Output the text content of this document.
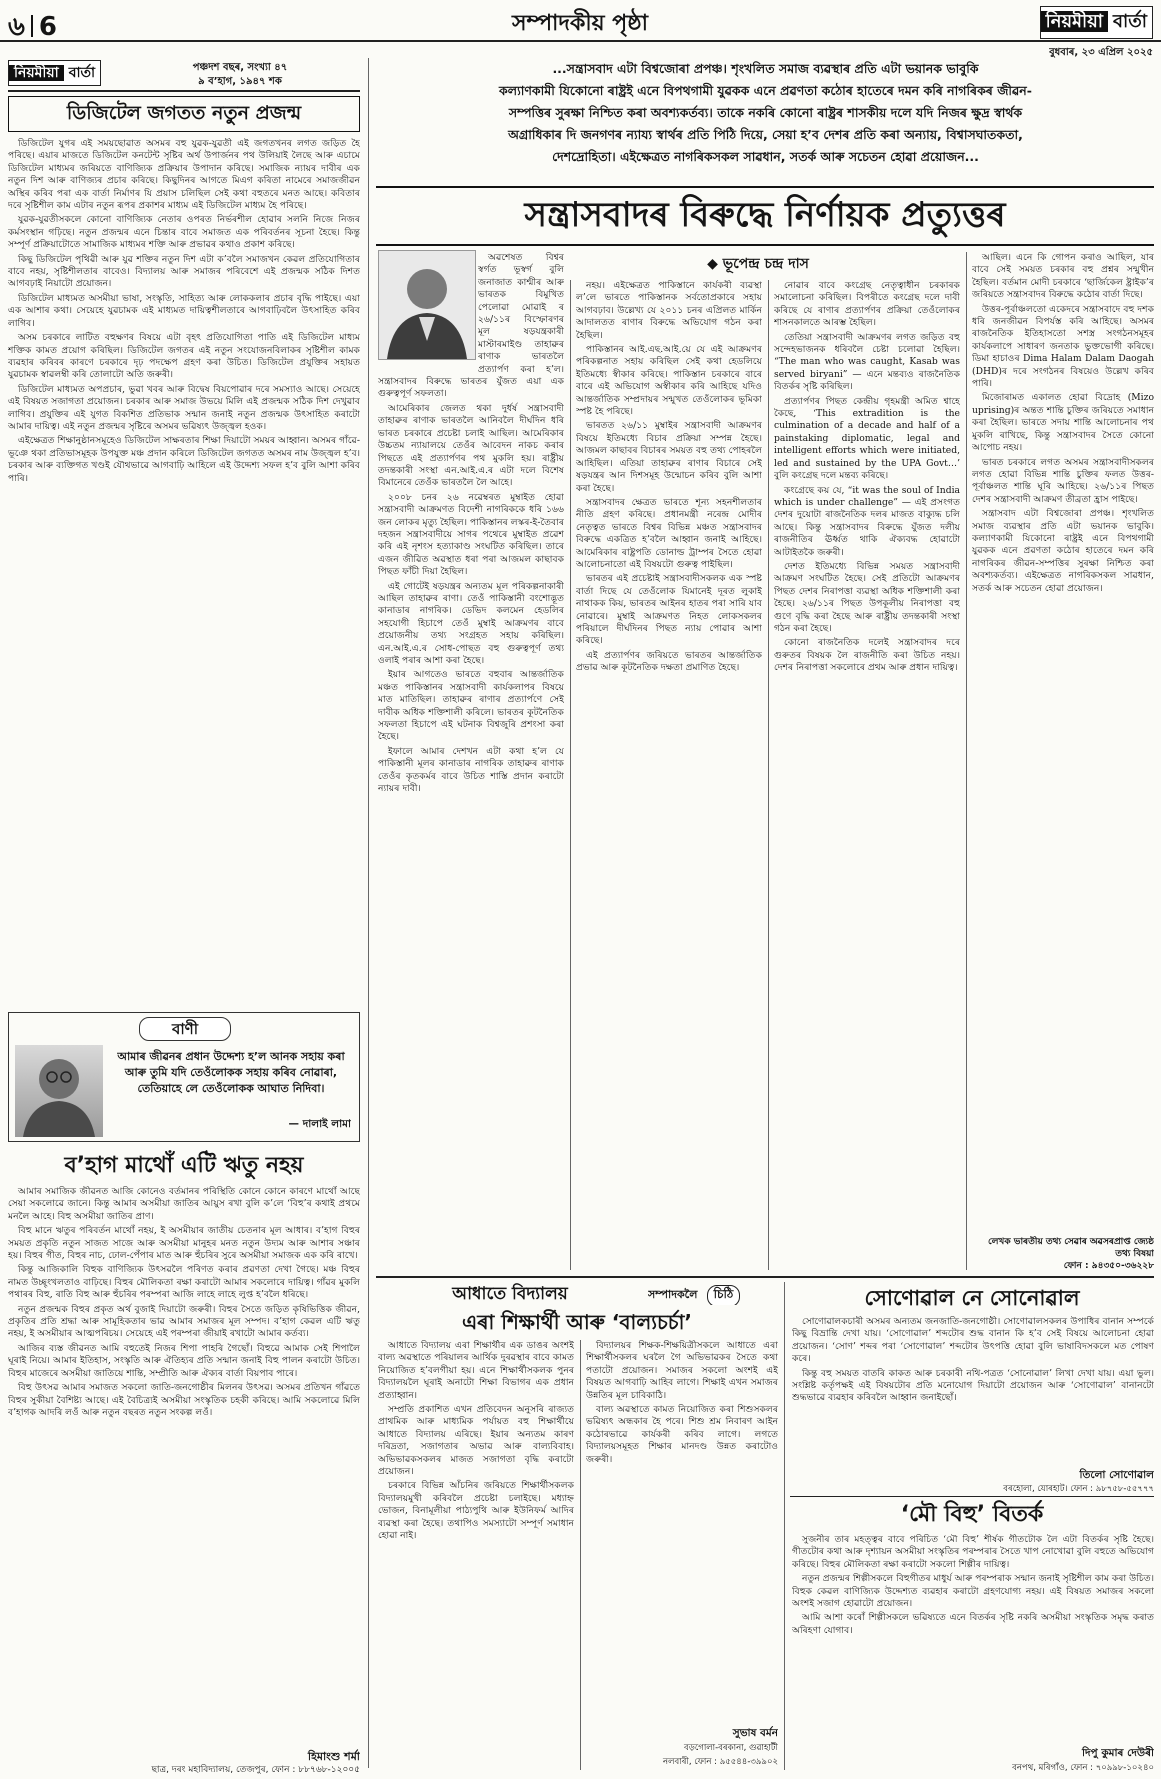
৬ 6	সম্পাদকীয় পৃষ্ঠা	নিয়মীয়া বাৰ্তা
বুধবাৰ, ২৩ এপ্ৰিল ২০২৫
নিয়মীয়া বাৰ্তা	পঞ্চদশ বছৰ, সংখ্যা ৪৭
৯ ব’হাগ, ১৯৪৭ শক
...সন্ত্ৰাসবাদ এটা বিশ্বজোৰা প্ৰপঞ্চ। শৃংখলিত সমাজ ব্যৱস্থাৰ প্ৰতি এটা ভয়ানক ভাবুকি
কল্যাণকামী যিকোনো ৰাষ্ট্ৰই এনে বিপথগামী যুৱকক এনে প্ৰৱণতা কঠোৰ হাতেৰে দমন কৰি নাগৰিকৰ জীৱন-
সম্পত্তিৰ সুৰক্ষা নিশ্চিত কৰা অবশ্যকৰ্তব্য। তাকে নকৰি কোনো ৰাষ্ট্ৰৰ শাসকীয় দলে যদি নিজৰ ক্ষুদ্ৰ স্বাৰ্থক
অগ্ৰাধিকাৰ দি জনগণৰ ন্যায্য স্বাৰ্থৰ প্ৰতি পিঠি দিয়ে, সেয়া হ’ব দেশৰ প্ৰতি কৰা অন্যায়, বিশ্বাসঘাতকতা,
দেশদ্ৰোহিতা। এইক্ষেত্ৰত নাগৰিকসকল সাৱধান, সতৰ্ক আৰু সচেতন হোৱা প্ৰয়োজন...
ডিজিটেল জগতত নতুন প্ৰজন্ম

ডিজিটেল যুগৰ এই সময়ছোৱাত অসমৰ বহু যুৱক-যুৱতী এই জগতখনৰ লগত জড়িত হৈ পৰিছে। এয়াৰ মাজতে ডিজিটেল কনটেন্ট সৃষ্টিৰ অৰ্থ উপাৰ্জনৰ পথ উলিয়াই লৈছে আৰু এচামে ডিজিটেল মাধ্যমৰ জৰিয়তে বাণিজ্যিক প্ৰক্ৰিয়াৰ উপাদান কৰিছে। সমাজিক ন্যায়ৰ দাবীৰ এক নতুন দিশ আৰু বাণিজ্যৰ প্ৰচাৰ কৰিছে। কিছুদিনৰ আগতে মিএগ কৰিতা নামেৰে সমাজজীৱন অস্থিৰ কৰিব পৰা এক বাৰ্তা নিৰ্মাণৰ যি প্ৰয়াস চলিছিল সেই কথা বহুতৰে মনত আছে। কবিতাৰ দৰে সৃষ্টিশীল কাম এটাৰ নতুন ৰূপৰ প্ৰকাশৰ মাধ্যম এই ডিজিটেল মাধ্যম হৈ পৰিছে।

যুৱক-যুৱতীসকলে কোনো বাণিজ্যিক নেতাৰ ওপৰত নিৰ্ভৰশীল হোৱাৰ সলনি নিজে নিজৰ কৰ্মসংস্থান গঢ়িছে। নতুন প্ৰজন্মৰ এনে চিন্তাৰ বাবে সমাজত এক পৰিবৰ্তনৰ সূচনা হৈছে। কিন্তু সম্পূৰ্ণ প্ৰক্ৰিয়াটোতে সামাজিক মাধ্যমৰ শক্তি আৰু প্ৰভাৱৰ কথাও প্ৰকাশ কৰিছে।

কিছু ডিজিটেল পৃথিৱী আৰু যুৱ শক্তিৰ নতুন দিশ এটা ক’বলৈ সমাজখন কেৱল প্ৰতিযোগিতাৰ বাবে নহয়, সৃষ্টিশীলতাৰ বাবেও। বিদ্যালয় আৰু সমাজৰ পৰিবেশে এই প্ৰজন্মক সঠিক দিশত আগবঢ়াই নিয়াটো প্ৰয়োজন।

ডিজিটেল মাধ্যমত অসমীয়া ভাষা, সংস্কৃতি, সাহিত্য আৰু লোককলাৰ প্ৰচাৰ বৃদ্ধি পাইছে। এয়া এক আশাৰ কথা। সেয়েহে যুৱচামক এই মাধ্যমত দায়িত্বশীলতাৰে আগবাঢ়িবলৈ উৎসাহিত কৰিব লাগিব।

অসম চৰকাৰে লাটিত বহুক্ষণৰ বিষয়ে এটা বৃহৎ প্ৰতিযোগিতা পাতি এই ডিজিটেল মাধ্যম শক্তিক কামত প্ৰয়োগ কৰিছিল। ডিজিটেল জগতৰ এই নতুন সংযোজনবিলাকৰ সৃষ্টিশীল কামক ব্যৱহাৰ কৰিবৰ কাৰণে চৰকাৰে দৃঢ় পদক্ষেপ গ্ৰহণ কৰা উচিত। ডিজিটেল প্ৰযুক্তিৰ সহায়ত যুৱচামক স্বাৱলম্বী কৰি তোলাটো অতি জৰুৰী।

ডিজিটেল মাধ্যমত অপপ্ৰচাৰ, ভুৱা খবৰ আৰু বিদ্বেষ বিয়পোৱাৰ দৰে সমস্যাও আছে। সেয়েহে এই বিষয়ত সজাগতা প্ৰয়োজন। চৰকাৰ আৰু সমাজ উভয়ে মিলি এই প্ৰজন্মক সঠিক দিশ দেখুৱাব লাগিব। প্ৰযুক্তিৰ এই যুগত বিকশিত প্ৰতিভাক সন্মান জনাই নতুন প্ৰজন্মক উৎসাহিত কৰাটো আমাৰ দায়িত্ব। এই নতুন প্ৰজন্মৰ সৃষ্টিৰে অসমৰ ভৱিষ্যৎ উজ্জ্বল হওক।

এইক্ষেত্ৰত শিক্ষানুষ্ঠানসমূহেও ডিজিটেল সাক্ষৰতাৰ শিক্ষা দিয়াটো সময়ৰ আহ্বান। অসমৰ গাঁৱে-ভূঞে থকা প্ৰতিভাসমূহক উপযুক্ত মঞ্চ প্ৰদান কৰিলে ডিজিটেল জগতত অসমৰ নাম উজ্জ্বল হ’ব। চৰকাৰ আৰু ব্যক্তিগত খণ্ডই যৌথভাৱে আগবাঢ়ি আহিলে এই উদ্দেশ্য সফল হ’ব বুলি আশা কৰিব পাৰি।

বাণী
আমাৰ জীৱনৰ প্ৰধান উদ্দেশ্য হ’ল আনক সহায় কৰা আৰু তুমি যদি তেওঁলোকক সহায় কৰিব নোৱাৰা, তেতিয়াহে লে তেওঁলোকক আঘাত নিদিবা।
— দালাই লামা
ব’হাগ মাথোঁ এটি ঋতু নহয়

আমাৰ সমাজিক জীৱনত আজি কোনেও বৰ্তমানৰ পৰিস্থিতি কোনে কোনে কাৰণে মাথোঁ আছে সেয়া সকলোৱে জানে। কিন্তু আমাৰ অসমীয়া জাতিৰ আয়ুস ৰখা বুলি ক’লে ‘বিহু’ৰ কথাই প্ৰথমে মনলৈ আহে। বিহু অসমীয়া জাতিৰ প্ৰাণ।

বিহু মানে ঋতুৰ পৰিবৰ্তন মাথোঁ নহয়, ই অসমীয়াৰ জাতীয় চেতনাৰ মূল আধাৰ। ব’হাগ বিহুৰ সময়ত প্ৰকৃতি নতুন সাজত সাজে আৰু অসমীয়া মানুহৰ মনত নতুন উদ্যম আৰু আশাৰ সঞ্চাৰ হয়। বিহুৰ গীত, বিহুৰ নাচ, ঢোল-পেঁপাৰ মাত আৰু হুঁচৰিৰ সুৰে অসমীয়া সমাজক এক কৰি ৰাখে।

কিন্তু আজিকালি বিহুক বাণিজ্যিক উৎসৱলৈ পৰিণত কৰাৰ প্ৰৱণতা দেখা গৈছে। মঞ্চ বিহুৰ নামত উচ্ছৃংখলতাও বাঢ়িছে। বিহুৰ মৌলিকতা ৰক্ষা কৰাটো আমাৰ সকলোৰে দায়িত্ব। গাঁৱৰ মুকলি পথাৰৰ বিহু, ৰাতি বিহু আৰু হুঁচৰিৰ পৰম্পৰা আজি লাহে লাহে লুপ্ত হ’বলৈ ধৰিছে।

নতুন প্ৰজন্মক বিহুৰ প্ৰকৃত অৰ্থ বুজাই দিয়াটো জৰুৰী। বিহুৰ সৈতে জড়িত কৃষিভিত্তিক জীৱন, প্ৰকৃতিৰ প্ৰতি শ্ৰদ্ধা আৰু সামূহিকতাৰ ভাৱ আমাৰ সমাজৰ মূল সম্পদ। ব’হাগ কেৱল এটি ঋতু নহয়, ই অসমীয়াৰ আত্মপৰিচয়। সেয়েহে এই পৰম্পৰা জীয়াই ৰখাটো আমাৰ কৰ্তব্য।

আজিৰ ব্যস্ত জীৱনত আমি বহুতেই নিজৰ শিপা পাহৰি গৈছোঁ। বিহুৱে আমাক সেই শিপালৈ ঘূৰাই নিয়ে। আমাৰ ইতিহাস, সংস্কৃতি আৰু ঐতিহ্যৰ প্ৰতি সন্মান জনাই বিহু পালন কৰাটো উচিত। বিহুৰ মাজেৰে অসমীয়া জাতিয়ে শান্তি, সম্প্ৰীতি আৰু ঐক্যৰ বাৰ্তা বিয়পাব পাৰে।

বিহু উৎসৱ আমাৰ সমাজত সকলো জাতি-জনগোষ্ঠীৰ মিলনৰ উৎসৱ। অসমৰ প্ৰতিখন গাঁৱতে বিহুৰ সুকীয়া বৈশিষ্ট্য আছে। এই বৈচিত্ৰ্যই অসমীয়া সংস্কৃতিক চহকী কৰিছে। আমি সকলোৱে মিলি ব’হাগক আদৰি লওঁ আৰু নতুন বছৰত নতুন সংকল্প লওঁ।

হিমাংশু শৰ্মা
ছাত্ৰ, দৰং মহাবিদ্যালয়, তেজপুৰ, ফোন : ৮৮৭৬৮-১২০০৫
সন্ত্ৰাসবাদৰ বিৰুদ্ধে নিৰ্ণায়ক প্ৰত্যুত্তৰ
◆ ভূপেন্দ্ৰ চন্দ্ৰ দাস

অৱশেষত বিশ্বৰ স্বৰ্গত ভূস্বৰ্গ বুলি জনাজাত কাশ্মীৰ আৰু ভাৰতক বিমুখিত পেলোৱা মোৱাই ৰ ২৬/১১ৰ বিস্ফোৰণৰ মূল ষড়যন্ত্ৰকাৰী মাস্টাৰমাইণ্ড তাহাৱুৰ ৰাণাক ভাৰতলৈ প্ৰত্যাৰ্পণ কৰা হ’ল। সন্ত্ৰাসবাদৰ বিৰুদ্ধে ভাৰতৰ যুঁজত এয়া এক গুৰুত্বপূৰ্ণ সফলতা।

আমেৰিকাৰ জেলত থকা দুৰ্ধৰ্ষ সন্ত্ৰাসবাদী তাহাৱুৰ ৰাণাক ভাৰতলৈ আনিবলৈ দীৰ্ঘদিন ধৰি ভাৰত চৰকাৰে প্ৰচেষ্টা চলাই আছিল। আমেৰিকাৰ উচ্চতম ন্যায়ালয়ে তেওঁৰ আবেদন নাকচ কৰাৰ পিছতে এই প্ৰত্যাৰ্পণৰ পথ মুকলি হয়। ৰাষ্ট্ৰীয় তদন্তকাৰী সংস্থা এন.আই.এ.ৰ এটা দলে বিশেষ বিমানেৰে তেওঁক ভাৰতলৈ লৈ আহে।

২০০৮ চনৰ ২৬ নৱেম্বৰত মুম্বাইত হোৱা সন্ত্ৰাসবাদী আক্ৰমণত বিদেশী নাগৰিককে ধৰি ১৬৬ জন লোকৰ মৃত্যু হৈছিল। পাকিস্তানৰ লস্কৰ-ই-তৈবাৰ দহজন সন্ত্ৰাসবাদীয়ে সাগৰ পথেৰে মুম্বাইত প্ৰৱেশ কৰি এই নৃশংস হত্যাকাণ্ড সংঘটিত কৰিছিল। তাৰে এজন জীৱিত অৱস্থাত ধৰা পৰা আজমল কাছাবক পিছত ফাঁচী দিয়া হৈছিল।

এই গোটেই ষড়যন্ত্ৰৰ অন্যতম মূল পৰিকল্পনাকাৰী আছিল তাহাৱুৰ ৰাণা। তেওঁ পাকিস্তানী বংশোদ্ভূত কানাডাৰ নাগৰিক। ডেভিদ কলমেন হেডলিৰ সহযোগী হিচাপে তেওঁ মুম্বাই আক্ৰমণৰ বাবে প্ৰয়োজনীয় তথ্য সংগ্ৰহত সহায় কৰিছিল। এন.আই.এ.ৰ সোধ-পোছত বহু গুৰুত্বপূৰ্ণ তথ্য ওলাই পৰাৰ আশা কৰা হৈছে।

ইয়াৰ আগতেও ভাৰতে বহুবাৰ আন্তৰ্জাতিক মঞ্চত পাকিস্তানৰ সন্ত্ৰাসবাদী কাৰ্যকলাপৰ বিষয়ে মাত মাতিছিল। তাহাৱুৰ ৰাণাৰ প্ৰত্যাৰ্পণে সেই দাবীক অধিক শক্তিশালী কৰিলে। ভাৰতৰ কূটনৈতিক সফলতা হিচাপে এই ঘটনাক বিশ্বজুৰি প্ৰশংসা কৰা হৈছে।

ইফালে আমাৰ দেশখন এটা কথা হ’ল যে পাকিস্তানী মূলৰ কানাডাৰ নাগৰিক তাহাৱুৰ ৰাণাক তেওঁৰ কৃতকৰ্মৰ বাবে উচিত শাস্তি প্ৰদান কৰাটো ন্যায়ৰ দাবী।

নহয়। এইক্ষেত্ৰত পাকিস্তানে কাৰ্যকৰী ব্যৱস্থা ল’লে ভাৰতে পাকিস্তানক সৰ্বতোপ্ৰকাৰে সহায় আগবঢ়াব। উল্লেখ্য যে ২০১১ চনৰ এপ্ৰিলত মাৰ্কিন আদালতত ৰাণাৰ বিৰুদ্ধে অভিযোগ গঠন কৰা হৈছিল।

পাকিস্তানৰ আই.এছ.আই.য়ে যে এই আক্ৰমণৰ পৰিকল্পনাত সহায় কৰিছিল সেই কথা হেডলিয়ে ইতিমধ্যে স্বীকাৰ কৰিছে। পাকিস্তান চৰকাৰে বাৰে বাৰে এই অভিযোগ অস্বীকাৰ কৰি আহিছে যদিও আন্তৰ্জাতিক সম্প্ৰদায়ৰ সন্মুখত তেওঁলোকৰ ভূমিকা স্পষ্ট হৈ পৰিছে।

ভাৰতত ২৬/১১ মুম্বাইৰ সন্ত্ৰাসবাদী আক্ৰমণৰ বিষয়ে ইতিমধ্যে বিচাৰ প্ৰক্ৰিয়া সম্পন্ন হৈছে। আজমল কাছাবৰ বিচাৰৰ সময়ত বহু তথ্য পোহৰলৈ আহিছিল। এতিয়া তাহাৱুৰ ৰাণাৰ বিচাৰে সেই ষড়যন্ত্ৰৰ আন দিশসমূহ উন্মোচন কৰিব বুলি আশা কৰা হৈছে।

সন্ত্ৰাসবাদৰ ক্ষেত্ৰত ভাৰতে শূন্য সহনশীলতাৰ নীতি গ্ৰহণ কৰিছে। প্ৰধানমন্ত্ৰী নৰেন্দ্ৰ মোদীৰ নেতৃত্বত ভাৰতে বিশ্বৰ বিভিন্ন মঞ্চত সন্ত্ৰাসবাদৰ বিৰুদ্ধে একত্ৰিত হ’বলৈ আহ্বান জনাই আহিছে। আমেৰিকাৰ ৰাষ্ট্ৰপতি ডোনাল্ড ট্ৰাম্পৰ সৈতে হোৱা আলোচনাতো এই বিষয়টো গুৰুত্ব পাইছিল।

ভাৰতৰ এই প্ৰচেষ্টাই সন্ত্ৰাসবাদীসকলক এক স্পষ্ট বাৰ্তা দিছে যে তেওঁলোক যিমানেই দূৰত লুকাই নাথাকক কিয়, ভাৰতৰ আইনৰ হাতৰ পৰা সাৰি যাব নোৱাৰে। মুম্বাই আক্ৰমণত নিহত লোকসকলৰ পৰিয়ালে দীৰ্ঘদিনৰ পিছত ন্যায় পোৱাৰ আশা কৰিছে।

এই প্ৰত্যাৰ্পণৰ জৰিয়তে ভাৰতৰ আন্তৰ্জাতিক প্ৰভাৱ আৰু কূটনৈতিক দক্ষতা প্ৰমাণিত হৈছে।

নোৱাৰ বাবে কংগ্ৰেছ নেতৃত্বাধীন চৰকাৰক সমালোচনা কৰিছিল। বিপৰীতে কংগ্ৰেছ দলে দাবী কৰিছে যে ৰাণাৰ প্ৰত্যাৰ্পণৰ প্ৰক্ৰিয়া তেওঁলোকৰ শাসনকালতে আৰম্ভ হৈছিল।

তেতিয়া সন্ত্ৰাসবাদী আক্ৰমণৰ লগত জড়িত বহু সন্দেহভাজনক ধৰিবলৈ চেষ্টা চলোৱা হৈছিল। “The man who was caught, Kasab was served biryani” — এনে মন্তব্যও ৰাজনৈতিক বিতৰ্কৰ সৃষ্টি কৰিছিল।

প্ৰত্যাৰ্পণৰ পিছত কেন্দ্ৰীয় গৃহমন্ত্ৰী অমিত শ্বাহে কৈছে, ‘This extradition is the culmination of a decade and half of a painstaking diplomatic, legal and intelligent efforts which were initiated, led and sustained by the UPA Govt…’ বুলি কংগ্ৰেছ দলে মন্তব্য কৰিছে।

কংগ্ৰেছে কয় যে, “it was the soul of India which is under challenge” — এই প্ৰসংগত দেশৰ দুয়োটা ৰাজনৈতিক দলৰ মাজত বাক্যুদ্ধ চলি আছে। কিন্তু সন্ত্ৰাসবাদৰ বিৰুদ্ধে যুঁজত দলীয় ৰাজনীতিৰ ঊৰ্ধ্বত থাকি ঐক্যবদ্ধ হোৱাটো আটাইতকৈ জৰুৰী।

দেশত ইতিমধ্যে বিভিন্ন সময়ত সন্ত্ৰাসবাদী আক্ৰমণ সংঘটিত হৈছে। সেই প্ৰতিটো আক্ৰমণৰ পিছত দেশৰ নিৰাপত্তা ব্যৱস্থা অধিক শক্তিশালী কৰা হৈছে। ২৬/১১ৰ পিছত উপকূলীয় নিৰাপত্তা বহু গুণে বৃদ্ধি কৰা হৈছে আৰু ৰাষ্ট্ৰীয় তদন্তকাৰী সংস্থা গঠন কৰা হৈছে।

কোনো ৰাজনৈতিক দলেই সন্ত্ৰাসবাদৰ দৰে গুৰুতৰ বিষয়ক লৈ ৰাজনীতি কৰা উচিত নহয়। দেশৰ নিৰাপত্তা সকলোৰে প্ৰথম আৰু প্ৰধান দায়িত্ব।

আছিল। এনে কি গোপন কৰাও আছিল, যাৰ বাবে সেই সময়ত চৰকাৰ বহু প্ৰশ্নৰ সন্মুখীন হৈছিল। বৰ্তমান মোদী চৰকাৰে ‘ছাৰ্জিকেল ষ্ট্ৰাইক’ৰ জৰিয়তে সন্ত্ৰাসবাদৰ বিৰুদ্ধে কঠোৰ বাৰ্তা দিছে।

উত্তৰ-পূৰ্বাঞ্চলতো একেদৰে সন্ত্ৰাসবাদে বহু দশক ধৰি জনজীৱন বিপৰ্যস্ত কৰি আহিছে। অসমৰ ৰাজনৈতিক ইতিহাসতো সশস্ত্ৰ সংগঠনসমূহৰ কাৰ্যকলাপে সাধাৰণ জনতাক ভুক্তভোগী কৰিছে। ডিমা হাচাওৰ Dima Halam Dalam Daogah (DHD)ৰ দৰে সংগঠনৰ বিষয়েও উল্লেখ কৰিব পাৰি।

মিজোৰামত একালত হোৱা বিদ্ৰোহ (Mizo uprising)ৰ অন্তত শান্তি চুক্তিৰ জৰিয়তে সমাধান কৰা হৈছিল। ভাৰতে সদায় শান্তি আলোচনাৰ পথ মুকলি ৰাখিছে, কিন্তু সন্ত্ৰাসবাদৰ সৈতে কোনো আপোচ নহয়।

ভাৰত চৰকাৰে লগত অসমৰ সন্ত্ৰাসবাদীসকলৰ লগত হোৱা বিভিন্ন শান্তি চুক্তিৰ ফলত উত্তৰ-পূৰ্বাঞ্চলত শান্তি ঘূৰি আহিছে। ২৬/১১ৰ পিছত দেশৰ সন্ত্ৰাসবাদী আক্ৰমণ তীব্ৰতা হ্ৰাস পাইছে।

সন্ত্ৰাসবাদ এটা বিশ্বজোৰা প্ৰপঞ্চ। শৃংখলিত সমাজ ব্যৱস্থাৰ প্ৰতি এটা ভয়ানক ভাবুকি। কল্যাণকামী যিকোনো ৰাষ্ট্ৰই এনে বিপথগামী যুৱকক এনে প্ৰৱণতা কঠোৰ হাতেৰে দমন কৰি নাগৰিকৰ জীৱন-সম্পত্তিৰ সুৰক্ষা নিশ্চিত কৰা অবশ্যকৰ্তব্য। এইক্ষেত্ৰত নাগৰিকসকল সাৱধান, সতৰ্ক আৰু সচেতন হোৱা প্ৰয়োজন।

লেখক ভাৰতীয় তথ্য সেৱাৰ অৱসৰপ্ৰাপ্ত জ্যেষ্ঠ তথ্য বিষয়া
ফোন : ৯৪৩৫০-৩৬২২৮
আধাতে বিদ্যালয়	সম্পাদকলৈ চিঠি
এৰা শিক্ষাৰ্থী আৰু ‘বাল্যচৰ্চা’

আধাতে বিদ্যালয় এৰা শিক্ষাৰ্থীৰ এক ডাঙৰ অংশই বাল্য অৱস্থাতে পৰিয়ালৰ আৰ্থিক দুৰৱস্থাৰ বাবে কামত নিয়োজিত হ’বলগীয়া হয়। এনে শিক্ষাৰ্থীসকলক পুনৰ বিদ্যালয়লৈ ঘূৰাই অনাটো শিক্ষা বিভাগৰ এক প্ৰধান প্ৰত্যাহ্বান।

সম্প্ৰতি প্ৰকাশিত এখন প্ৰতিবেদন অনুসৰি ৰাজ্যত প্ৰাথমিক আৰু মাধ্যমিক পৰ্যায়ত বহু শিক্ষাৰ্থীয়ে আধাতে বিদ্যালয় এৰিছে। ইয়াৰ অন্যতম কাৰণ দৰিদ্ৰতা, সজাগতাৰ অভাৱ আৰু বাল্যবিবাহ। অভিভাৱকসকলৰ মাজত সজাগতা বৃদ্ধি কৰাটো প্ৰয়োজন।

চৰকাৰে বিভিন্ন আঁচনিৰ জৰিয়তে শিক্ষাৰ্থীসকলক বিদ্যালয়মুখী কৰিবলৈ প্ৰচেষ্টা চলাইছে। মধ্যাহ্ন ভোজন, বিনামূলীয়া পাঠ্যপুথি আৰু ইউনিফৰ্ম আদিৰ ব্যৱস্থা কৰা হৈছে। তথাপিও সমস্যাটো সম্পূৰ্ণ সমাধান হোৱা নাই।

বিদ্যালয়ৰ শিক্ষক-শিক্ষয়িত্ৰীসকলে আধাতে এৰা শিক্ষাৰ্থীসকলৰ ঘৰলৈ গৈ অভিভাৱকৰ সৈতে কথা পতাটো প্ৰয়োজন। সমাজৰ সকলো অংশই এই বিষয়ত আগবাঢ়ি আহিব লাগে। শিক্ষাই এখন সমাজৰ উন্নতিৰ মূল চাবিকাঠি।

বাল্য অৱস্থাতে কামত নিয়োজিত কৰা শিশুসকলৰ ভৱিষ্যৎ অন্ধকাৰ হৈ পৰে। শিশু শ্ৰম নিবাৰণ আইন কঠোৰভাৱে কাৰ্যকৰী কৰিব লাগে। লগতে বিদ্যালয়সমূহত শিক্ষাৰ মানদণ্ড উন্নত কৰাটোও জৰুৰী।

সুভাষ বৰ্মন
বড়গোলা-বৰকানা, গুৱাহাটী
নলবাৰী, ফোন : ৯৫৫৪৪-৩৯৯০২
সোণোৱাল নে সোনোৱাল

সোণোৱালকচাৰী অসমৰ অন্যতম জনজাতি-জনগোষ্ঠী। সোণোৱালসকলৰ উপাধিৰ বানান সম্পৰ্কে কিছু বিভ্ৰান্তি দেখা যায়। ‘সোণোৱাল’ শব্দটোৰ শুদ্ধ বানান কি হ’ব সেই বিষয়ে আলোচনা হোৱা প্ৰয়োজন। ‘সোণ’ শব্দৰ পৰা ‘সোণোৱাল’ শব্দটোৰ উৎপত্তি হোৱা বুলি ভাষাবিদসকলে মত পোষণ কৰে।

কিন্তু বহু সময়ত বাতৰি কাকত আৰু চৰকাৰী নথি-পত্ৰত ‘সোনোৱাল’ লিখা দেখা যায়। এয়া ভুল। সংশ্লিষ্ট কৰ্তৃপক্ষই এই বিষয়টোৰ প্ৰতি মনোযোগ দিয়াটো প্ৰয়োজন আৰু ‘সোণোৱাল’ বানানটো শুদ্ধভাৱে ব্যৱহাৰ কৰিবলৈ আহ্বান জনাইছোঁ।

তিলো সোণোৱাল
বৰহোলা, যোৰহাট। ফোন : ৯৮৭৫৮-৫৫৭৭৭
‘মৌ বিহু’ বিতৰ্ক

সুজনীৰ তাৰ মহত্ত্বৰ বাবে পৰিচিত ‘মৌ বিহু’ শীৰ্ষক গীতটোক লৈ এটা বিতৰ্কৰ সৃষ্টি হৈছে। গীতটোৰ কথা আৰু দৃশ্যায়ন অসমীয়া সংস্কৃতিৰ পৰম্পৰাৰ সৈতে খাপ নোখোৱা বুলি বহুতে অভিযোগ কৰিছে। বিহুৰ মৌলিকতা ৰক্ষা কৰাটো সকলো শিল্পীৰ দায়িত্ব।

নতুন প্ৰজন্মৰ শিল্পীসকলে বিহুগীতৰ মাধুৰ্য আৰু পৰম্পৰাক সন্মান জনাই সৃষ্টিশীল কাম কৰা উচিত। বিহুক কেৱল বাণিজ্যিক উদ্দেশ্যত ব্যৱহাৰ কৰাটো গ্ৰহণযোগ্য নহয়। এই বিষয়ত সমাজৰ সকলো অংশই সজাগ হোৱাটো প্ৰয়োজন।

আমি আশা কৰোঁ শিল্পীসকলে ভৱিষ্যতে এনে বিতৰ্কৰ সৃষ্টি নকৰি অসমীয়া সংস্কৃতিক সমৃদ্ধ কৰাত অৰিহণা যোগাব।

দিপু কুমাৰ দেউৰী
বনপথ, মৰিগাঁও, ফোন : ৭০৯৯৮-১০২৪০
